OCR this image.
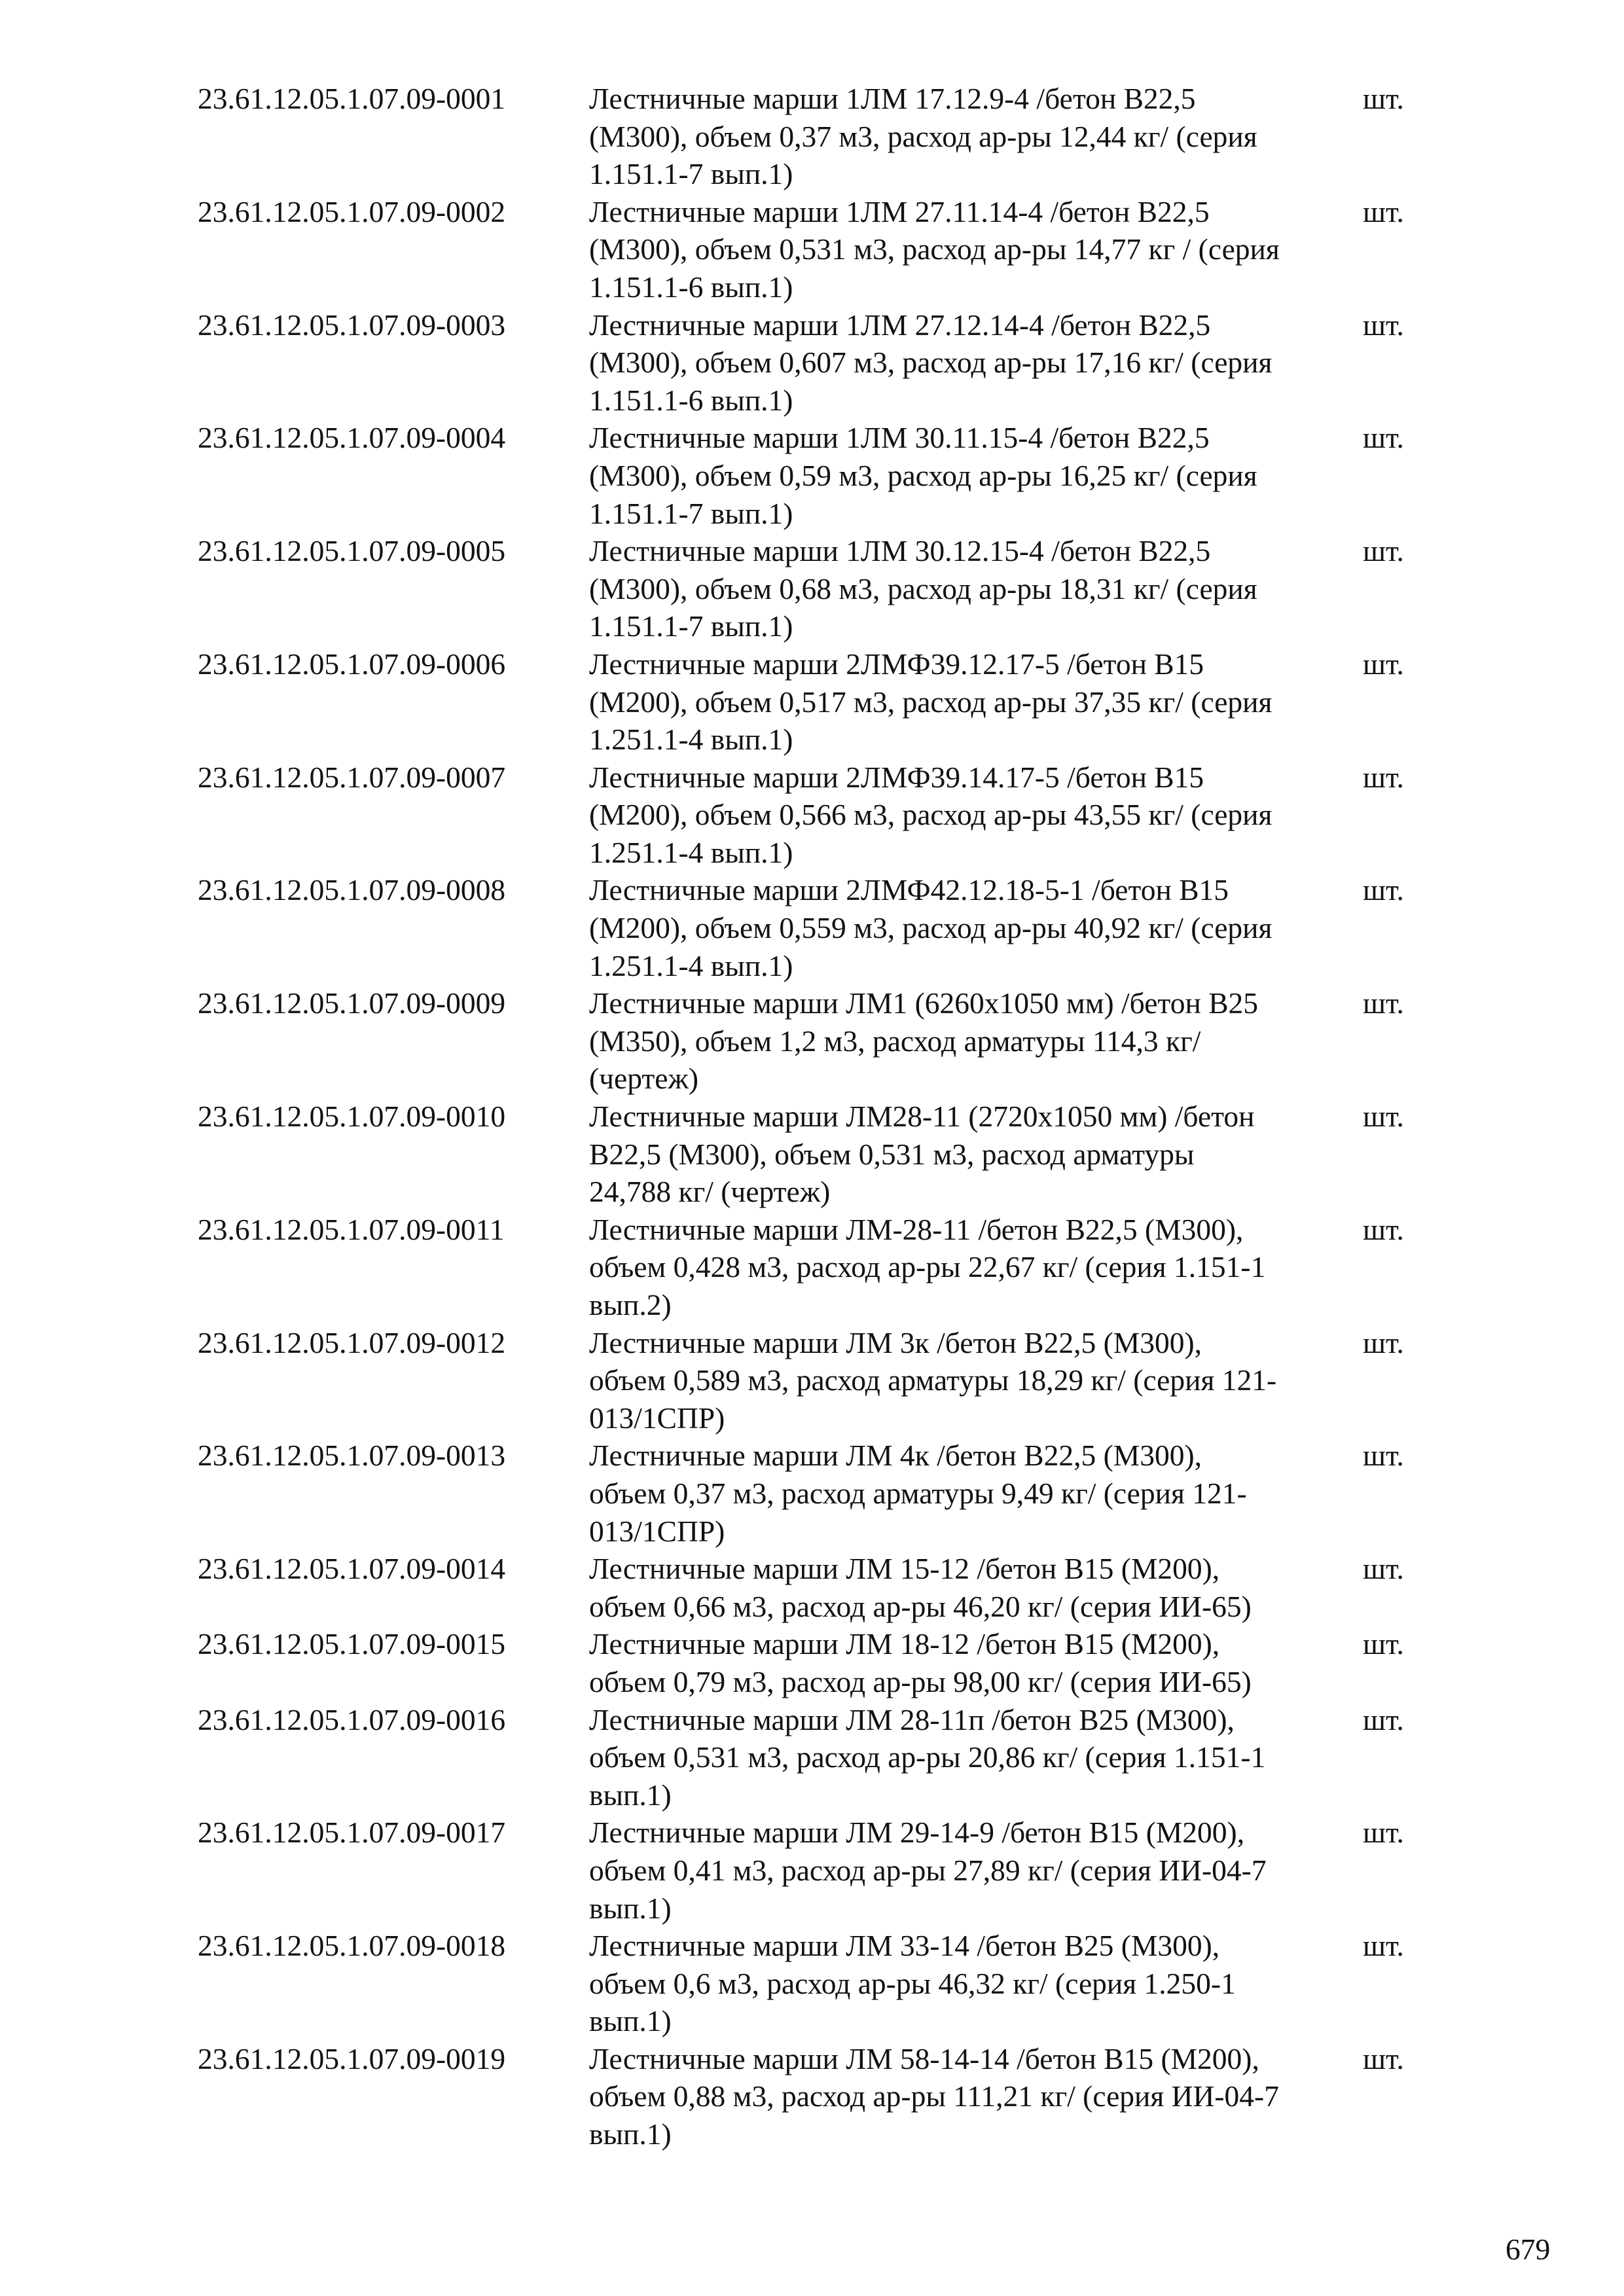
23.61.12.05.1.07.09-0001	Лестничные марши 1ЛМ 17.12.9-4 /бетон В22,5
(М300), объем 0,37 м3, расход ар-ры 12,44 кг/ (серия
1.151.1-7 вып.1)
шт.
23.61.12.05.1.07.09-0002	Лестничные марши 1ЛМ 27.11.14-4 /бетон В22,5
(М300), объем 0,531 м3, расход ар-ры 14,77 кг / (серия
1.151.1-6 вып.1)
шт.
23.61.12.05.1.07.09-0003	Лестничные марши 1ЛМ 27.12.14-4 /бетон В22,5
(М300), объем 0,607 м3, расход ар-ры 17,16 кг/ (серия
1.151.1-6 вып.1)
шт.
23.61.12.05.1.07.09-0004	Лестничные марши 1ЛМ 30.11.15-4 /бетон В22,5
(М300), объем 0,59 м3, расход ар-ры 16,25 кг/ (серия
1.151.1-7 вып.1)
шт.
23.61.12.05.1.07.09-0005	Лестничные марши 1ЛМ 30.12.15-4 /бетон В22,5
(М300), объем 0,68 м3, расход ар-ры 18,31 кг/ (серия
1.151.1-7 вып.1)
шт.
23.61.12.05.1.07.09-0006	Лестничные марши 2ЛМФ39.12.17-5 /бетон В15
(М200), объем 0,517 м3, расход ар-ры 37,35 кг/ (серия
1.251.1-4 вып.1)
шт.
23.61.12.05.1.07.09-0007	Лестничные марши 2ЛМФ39.14.17-5 /бетон В15
(М200), объем 0,566 м3, расход ар-ры 43,55 кг/ (серия
1.251.1-4 вып.1)
шт.
23.61.12.05.1.07.09-0008	Лестничные марши 2ЛМФ42.12.18-5-1 /бетон В15
(М200), объем 0,559 м3, расход ар-ры 40,92 кг/ (серия
1.251.1-4 вып.1)
шт.
23.61.12.05.1.07.09-0009	Лестничные марши ЛМ1 (6260x1050 мм) /бетон В25
(М350), объем 1,2 м3, расход арматуры 114,3 кг/
(чертеж)
шт.
23.61.12.05.1.07.09-0010	Лестничные марши ЛМ28-11 (2720x1050 мм) /бетон
В22,5 (М300), объем 0,531 м3, расход арматуры
24,788 кг/ (чертеж)
шт.
23.61.12.05.1.07.09-0011	Лестничные марши ЛМ-28-11 /бетон В22,5 (М300),
объем 0,428 м3, расход ар-ры 22,67 кг/ (серия 1.151-1
вып.2)
шт.
23.61.12.05.1.07.09-0012	Лестничные марши ЛМ 3к /бетон В22,5 (М300),
объем 0,589 м3, расход арматуры 18,29 кг/ (серия 121-
013/1СПР)
шт.
23.61.12.05.1.07.09-0013	Лестничные марши ЛМ 4к /бетон В22,5 (М300),
объем 0,37 м3, расход арматуры 9,49 кг/ (серия 121-
013/1СПР)
шт.
23.61.12.05.1.07.09-0014	Лестничные марши ЛМ 15-12 /бетон В15 (М200),
объем 0,66 м3, расход ар-ры 46,20 кг/ (серия ИИ-65)
шт.
23.61.12.05.1.07.09-0015	Лестничные марши ЛМ 18-12 /бетон В15 (М200),
объем 0,79 м3, расход ар-ры 98,00 кг/ (серия ИИ-65)
шт.
23.61.12.05.1.07.09-0016	Лестничные марши ЛМ 28-11п /бетон В25 (М300),
объем 0,531 м3, расход ар-ры 20,86 кг/ (серия 1.151-1
вып.1)
шт.
23.61.12.05.1.07.09-0017	Лестничные марши ЛМ 29-14-9 /бетон В15 (М200),
объем 0,41 м3, расход ар-ры 27,89 кг/ (серия ИИ-04-7
вып.1)
шт.
23.61.12.05.1.07.09-0018	Лестничные марши ЛМ 33-14 /бетон В25 (М300),
объем 0,6 м3, расход ар-ры 46,32 кг/ (серия 1.250-1
вып.1)
шт.
23.61.12.05.1.07.09-0019	Лестничные марши ЛМ 58-14-14 /бетон В15 (М200),
объем 0,88 м3, расход ар-ры 111,21 кг/ (серия ИИ-04-7
вып.1)
шт.
679
